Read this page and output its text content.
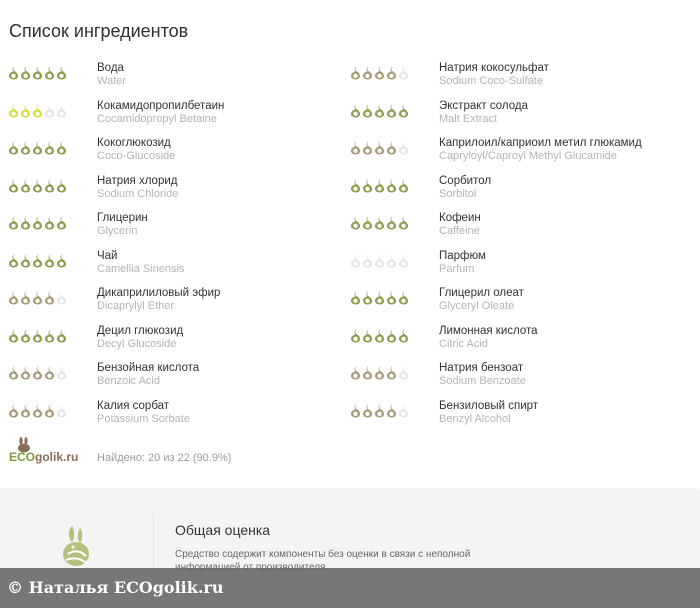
Список ингредиентов
Вода
Water
Кокамидопропилбетаин
Cocamidopropyl Betaine
Кокоглюкозид
Coco-Glucoside
Натрия хлорид
Sodium Chloride
Глицерин
Glycerin
Чай
Camellia Sinensis
Дикаприлиловый эфир
Dicaprylyl Ether
Децил глюкозид
Decyl Glucoside
Бензойная кислота
Benzoic Acid
Калия сорбат
Potassium Sorbate
Натрия кокосульфат
Sodium Coco-Sulfate
Экстракт солода
Malt Extract
Каприлоил/каприоил метил глюкамид
Capryloyl/Caproyl Methyl Glucamide
Сорбитол
Sorbitol
Кофеин
Caffeine
Парфюм
Parfum
Глицерил олеат
Glyceryl Oleate
Лимонная кислота
Citric Acid
Натрия бензоат
Sodium Benzoate
Бензиловый спирт
Benzyl Alcohol
ECOgolik.ru Найдено: 20 из 22 (90.9%)
Общая оценка
Средство содержит компоненты без оценки в связи с неполной
© Наталья ECOgolik.ru
